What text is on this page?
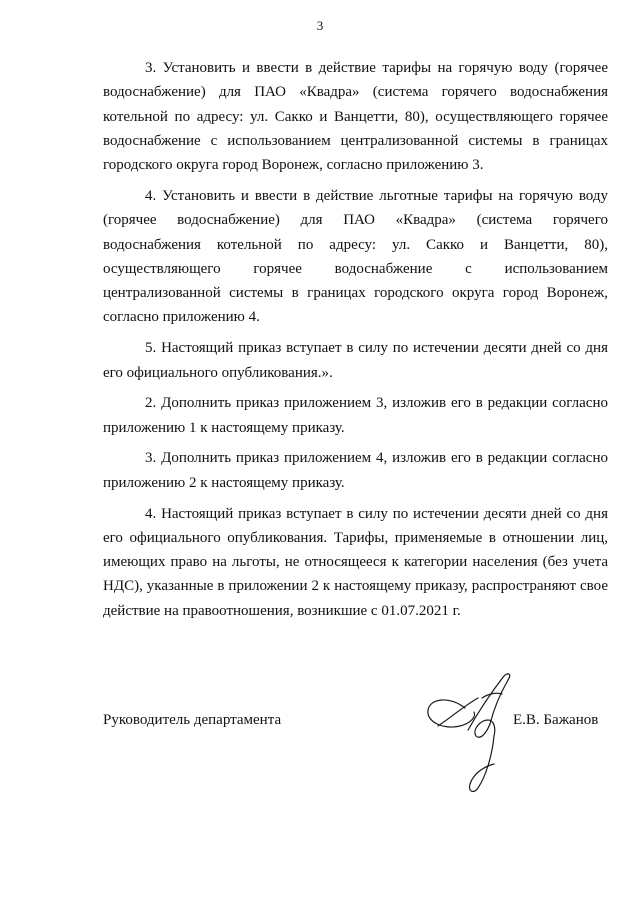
3

3. Установить и ввести в действие тарифы на горячую воду (горячее водоснабжение) для ПАО «Квадра» (система горячего водоснабжения котельной по адресу: ул. Сакко и Ванцетти, 80), осуществляющего горячее водоснабжение с использованием централизованной системы в границах городского округа город Воронеж, согласно приложению 3.

4. Установить и ввести в действие льготные тарифы на горячую воду (горячее водоснабжение) для ПАО «Квадра» (система горячего водоснабжения котельной по адресу: ул. Сакко и Ванцетти, 80), осуществляющего горячее водоснабжение с использованием централизованной системы в границах городского округа город Воронеж, согласно приложению 4.

5. Настоящий приказ вступает в силу по истечении десяти дней со дня его официального опубликования.».

2. Дополнить приказ приложением 3, изложив его в редакции согласно приложению 1 к настоящему приказу.

3. Дополнить приказ приложением 4, изложив его в редакции согласно приложению 2 к настоящему приказу.

4. Настоящий приказ вступает в силу по истечении десяти дней со дня его официального опубликования. Тарифы, применяемые в отношении лиц, имеющих право на льготы, не относящееся к категории населения (без учета НДС), указанные в приложении 2 к настоящему приказу, распространяют свое действие на правоотношения, возникшие с 01.07.2021 г.

Руководитель департамента	Е.В. Бажанов
